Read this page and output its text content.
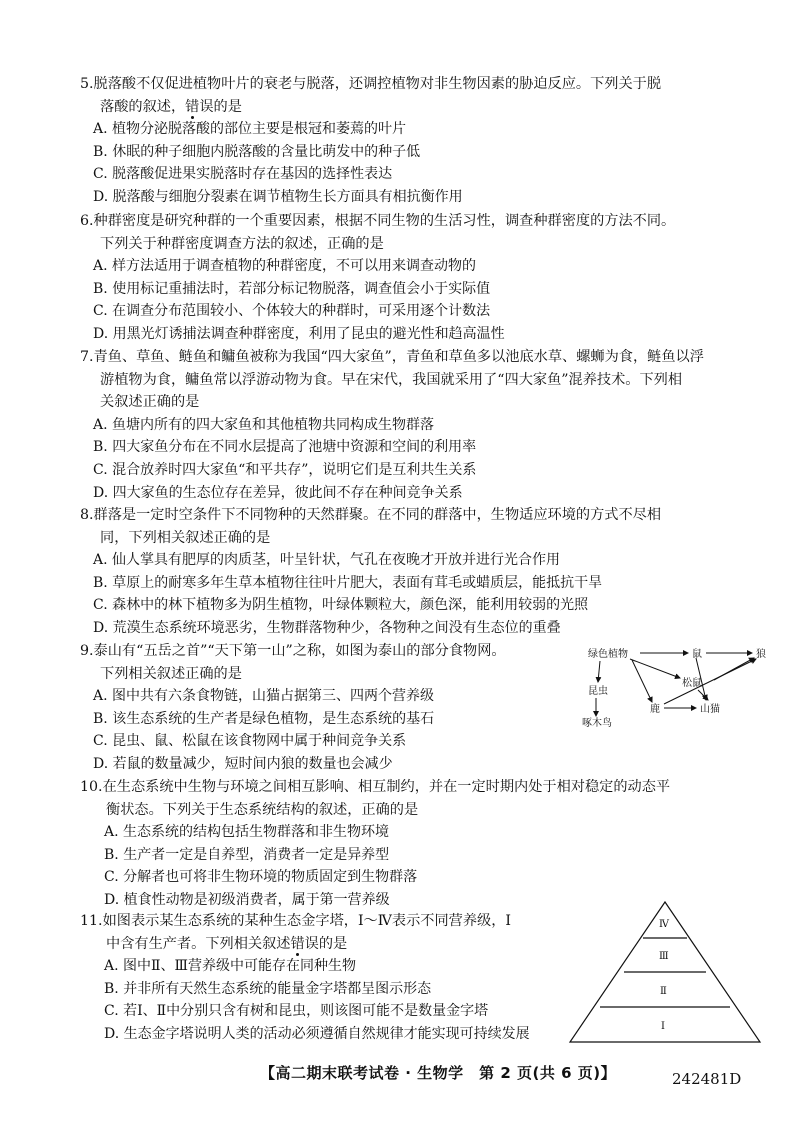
5.脱落酸不仅促进植物叶片的衰老与脱落，还调控植物对非生物因素的胁迫反应。下列关于脱
落酸的叙述，错误的是
A. 植物分泌脱落酸的部位主要是根冠和萎蔫的叶片
B. 休眠的种子细胞内脱落酸的含量比萌发中的种子低
C. 脱落酸促进果实脱落时存在基因的选择性表达
D. 脱落酸与细胞分裂素在调节植物生长方面具有相抗衡作用
6.种群密度是研究种群的一个重要因素，根据不同生物的生活习性，调查种群密度的方法不同。
下列关于种群密度调查方法的叙述，正确的是
A. 样方法适用于调查植物的种群密度，不可以用来调查动物的
B. 使用标记重捕法时，若部分标记物脱落，调查值会小于实际值
C. 在调查分布范围较小、个体较大的种群时，可采用逐个计数法
D. 用黑光灯诱捕法调查种群密度，利用了昆虫的避光性和趋高温性
7.青鱼、草鱼、鲢鱼和鳙鱼被称为我国“四大家鱼”，青鱼和草鱼多以池底水草、螺蛳为食，鲢鱼以浮
游植物为食，鳙鱼常以浮游动物为食。早在宋代，我国就采用了“四大家鱼”混养技术。下列相
关叙述正确的是
A. 鱼塘内所有的四大家鱼和其他植物共同构成生物群落
B. 四大家鱼分布在不同水层提高了池塘中资源和空间的利用率
C. 混合放养时四大家鱼“和平共存”，说明它们是互利共生关系
D. 四大家鱼的生态位存在差异，彼此间不存在种间竞争关系
8.群落是一定时空条件下不同物种的天然群聚。在不同的群落中，生物适应环境的方式不尽相
同，下列相关叙述正确的是
A. 仙人掌具有肥厚的肉质茎，叶呈针状，气孔在夜晚才开放并进行光合作用
B. 草原上的耐寒多年生草本植物往往叶片肥大，表面有茸毛或蜡质层，能抵抗干旱
C. 森林中的林下植物多为阴生植物，叶绿体颗粒大，颜色深，能利用较弱的光照
D. 荒漠生态系统环境恶劣，生物群落物种少，各物种之间没有生态位的重叠
9.泰山有“五岳之首”“天下第一山”之称，如图为泰山的部分食物网。
下列相关叙述正确的是
A. 图中共有六条食物链，山猫占据第三、四两个营养级
B. 该生态系统的生产者是绿色植物，是生态系统的基石
C. 昆虫、鼠、松鼠在该食物网中属于种间竞争关系
D. 若鼠的数量减少，短时间内狼的数量也会减少
绿色植物	鼠	狼
松鼠
昆虫
啄木鸟
鹿	山猫
10.在生态系统中生物与环境之间相互影响、相互制约，并在一定时期内处于相对稳定的动态平
衡状态。下列关于生态系统结构的叙述，正确的是
A. 生态系统的结构包括生物群落和非生物环境
B. 生产者一定是自养型，消费者一定是异养型
C. 分解者也可将非生物环境的物质固定到生物群落
D. 植食性动物是初级消费者，属于第一营养级
11.如图表示某生态系统的某种生态金字塔，Ⅰ～Ⅳ表示不同营养级，Ⅰ
中含有生产者。下列相关叙述错误的是
A. 图中Ⅱ、Ⅲ营养级中可能存在同种生物
B. 并非所有天然生态系统的能量金字塔都呈图示形态
C. 若Ⅰ、Ⅱ中分别只含有树和昆虫，则该图可能不是数量金字塔
D. 生态金字塔说明人类的活动必须遵循自然规律才能实现可持续发展	Ⅰ
Ⅱ
Ⅲ
Ⅳ
【高二期末联考试卷 · 生物学　第 2 页(共 6 页)】	242481D
